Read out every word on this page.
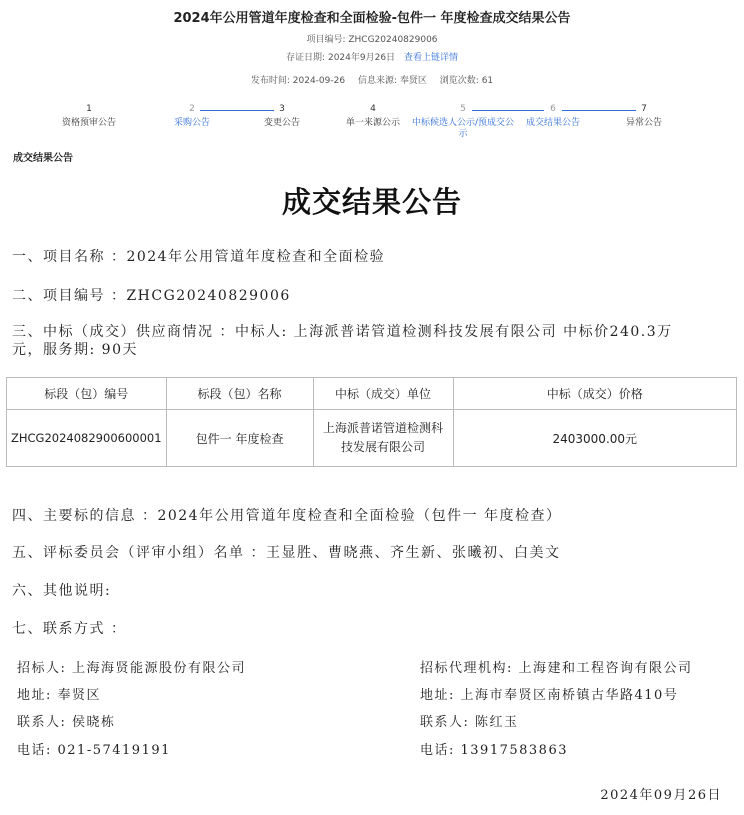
2024年公用管道年度检查和全面检验-包件一 年度检查成交结果公告
项目编号: ZHCG20240829006
存证日期: 2024年9月26日 查看上链详情
发布时间: 2024-09-26 信息来源: 奉贤区 浏览次数: 61
1
资格预审公告
2
采购公告
3
变更公告
4
单一来源公示
5
中标候选人公示/预成交公示
6
成交结果公告
7
异常公告
成交结果公告
成交结果公告
一、项目名称 ：2024年公用管道年度检查和全面检验
二、项目编号 ：ZHCG20240829006
三、中标（成交）供应商情况 ：中标人: 上海派普诺管道检测科技发展有限公司 中标价240.3万
元，服务期: 90天
标段（包）编号	标段（包）名称	中标（成交）单位	中标（成交）价格
ZHCG2024082900600001	包件一 年度检查	上海派普诺管道检测科
技发展有限公司	2403000.00元
四、主要标的信息 ：2024年公用管道年度检查和全面检验（包件一 年度检查）
五、评标委员会（评审小组）名单 ：王显胜、曹晓燕、齐生新、张曦初、白美文
六、其他说明:
七、联系方式 ：
招标人: 上海海贤能源股份有限公司
地址: 奉贤区
联系人: 侯晓栋
电话: 021-57419191
招标代理机构: 上海建和工程咨询有限公司
地址: 上海市奉贤区南桥镇古华路410号
联系人: 陈红玉
电话: 13917583863
2024年09月26日
